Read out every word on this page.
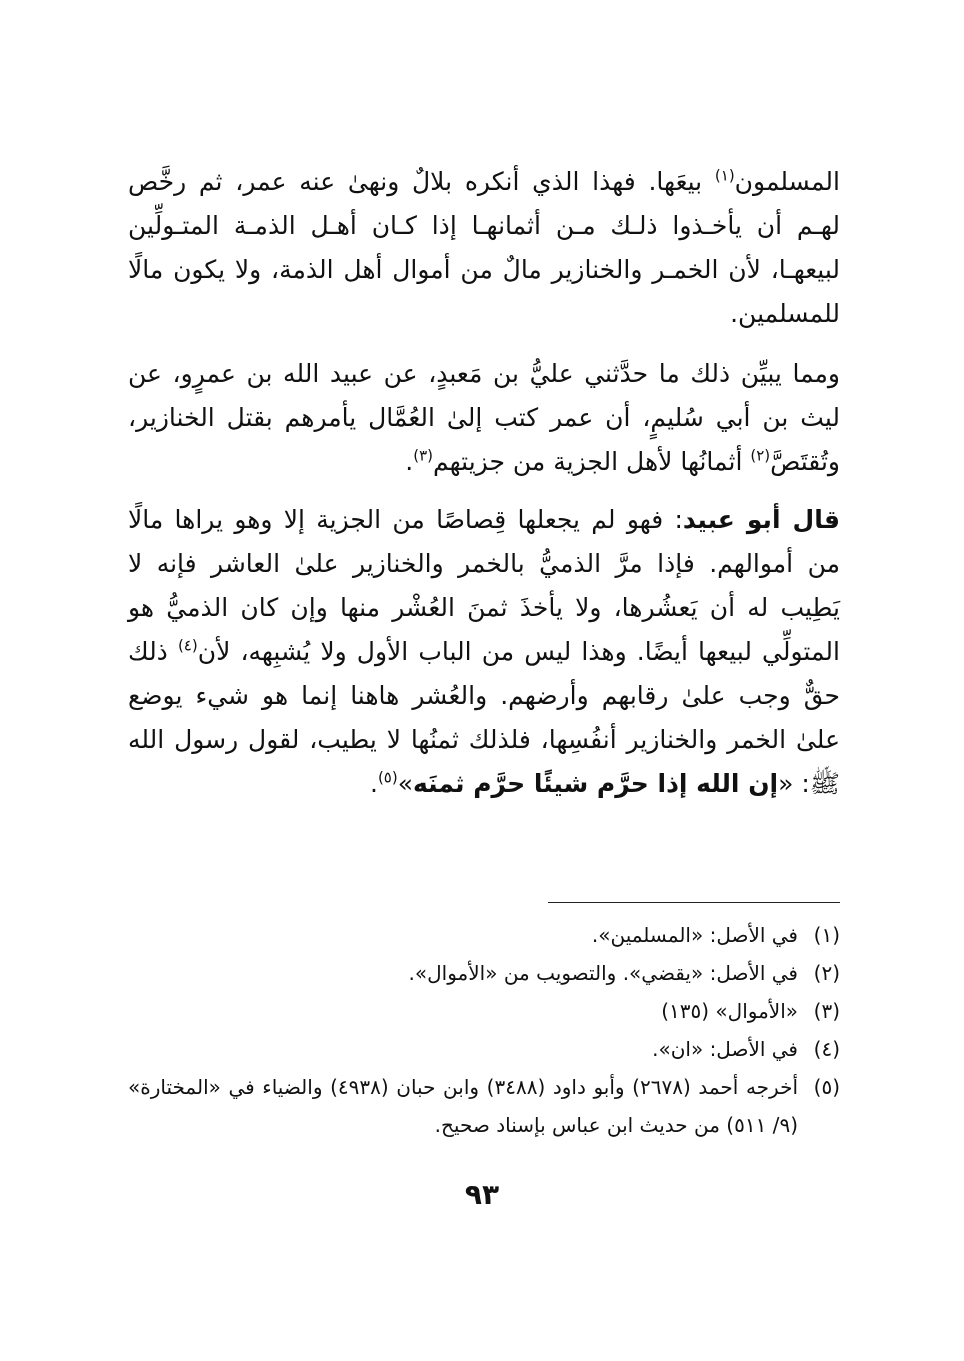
المسلمون$^{(١)}$ بيعَها. فهذا الذي أنكره بلالٌ ونهىٰ عنه عمر، ثم رخَّص لهـم أن يأخـذوا ذلـك مـن أثمانهـا إذا كـان أهـل الذمـة المتـولِّين لبيعهـا، لأن الخمـر والخنازير مالٌ من أموال أهل الذمة، ولا يكون مالًا للمسلمين.

ومما يبيِّن ذلك ما حدَّثني عليُّ بن مَعبدٍ، عن عبيد الله بن عمرٍو، عن ليث بن أبي سُليمٍ، أن عمر كتب إلىٰ العُمَّال يأمرهم بقتل الخنازير، وتُقتَصَّ$^{(٢)}$ أثمانُها لأهل الجزية من جزيتهم$^{(٣)}$.

قال أبو عبيد: فهو لم يجعلها قِصاصًا من الجزية إلا وهو يراها مالًا من أموالهم. فإذا مرَّ الذميُّ بالخمر والخنازير علىٰ العاشر فإنه لا يَطِيب له أن يَعشُرها، ولا يأخذَ ثمنَ العُشْر منها وإن كان الذميُّ هو المتولِّي لبيعها أيضًا. وهذا ليس من الباب الأول ولا يُشبِهه، لأن$^{(٤)}$ ذلك حقٌّ وجب علىٰ رقابهم وأرضهم. والعُشر هاهنا إنما هو شيء يوضع علىٰ الخمر والخنازير أنفُسِها، فلذلك ثمنُها لا يطيب، لقول رسول الله ﷺ: «إن الله إذا حرَّم شيئًا حرَّم ثمنَه»$^{(٥)}$.

(١)
في الأصل: «المسلمين».

(٢)
في الأصل: «يقضي». والتصويب من «الأموال».

(٣)
«الأموال» (١٣٥)

(٤)
في الأصل: «ان».

(٥)
أخرجه أحمد (٢٦٧٨) وأبو داود (٣٤٨٨) وابن حبان (٤٩٣٨) والضياء في «المختارة» (٩/ ٥١١) من حديث ابن عباس بإسناد صحيح.

٩٣
